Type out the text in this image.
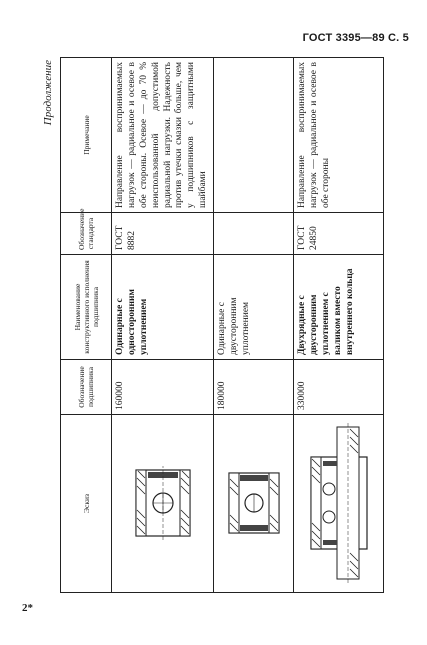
ГОСТ 3395—89 С. 5
Продолжение
Эскиз	Обозначение подшипника	Наименование конструктивного исполнения подшипника	Обозначение стандарта	Примечание

	160000	Одинарные с односторонним уплотнением	ГОСТ 8882	Направление воспринимаемых нагрузок — радиальное и осевое в обе стороны. Осевое — до 70 % неиспользованной допустимой радиальной нагрузки. Надежность против утечки смазки больше, чем у подшипников с защитными шайбами

	180000	Одинарные с двусторонним уплотнением		

	330000	Двухрядные с двусторонним уплотнением с валиком вместо внутреннего кольца	ГОСТ 24850	Направление воспринимаемых нагрузок — радиальное и осевое в обе стороны
2*
